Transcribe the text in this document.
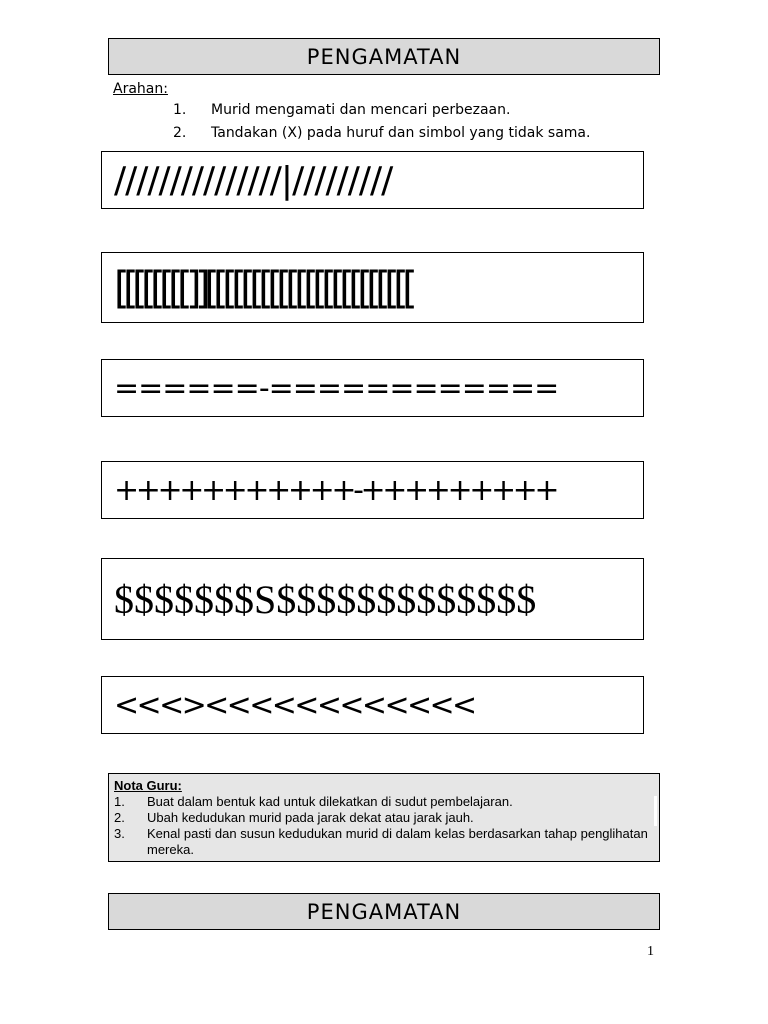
PENGAMATAN
Arahan:
1. Murid mengamati dan mencari perbezaan.
2. Tandakan (X) pada huruf dan simbol yang tidak sama.
///////////////|/////////
[[[[[[[[]][[[[[[[[[[[[[[[[[[[[[[[
======-============
+++++++++++-+++++++++
$$$$$$$S$$$$$$$$$$$$$
<<<><<<<<<<<<<<<
Nota Guru:
1. Buat dalam bentuk kad untuk dilekatkan di sudut pembelajaran.
2. Ubah kedudukan murid pada jarak dekat atau jarak jauh.
3. Kenal pasti dan susun kedudukan murid di dalam kelas berdasarkan tahap penglihatan mereka.
PENGAMATAN
1
